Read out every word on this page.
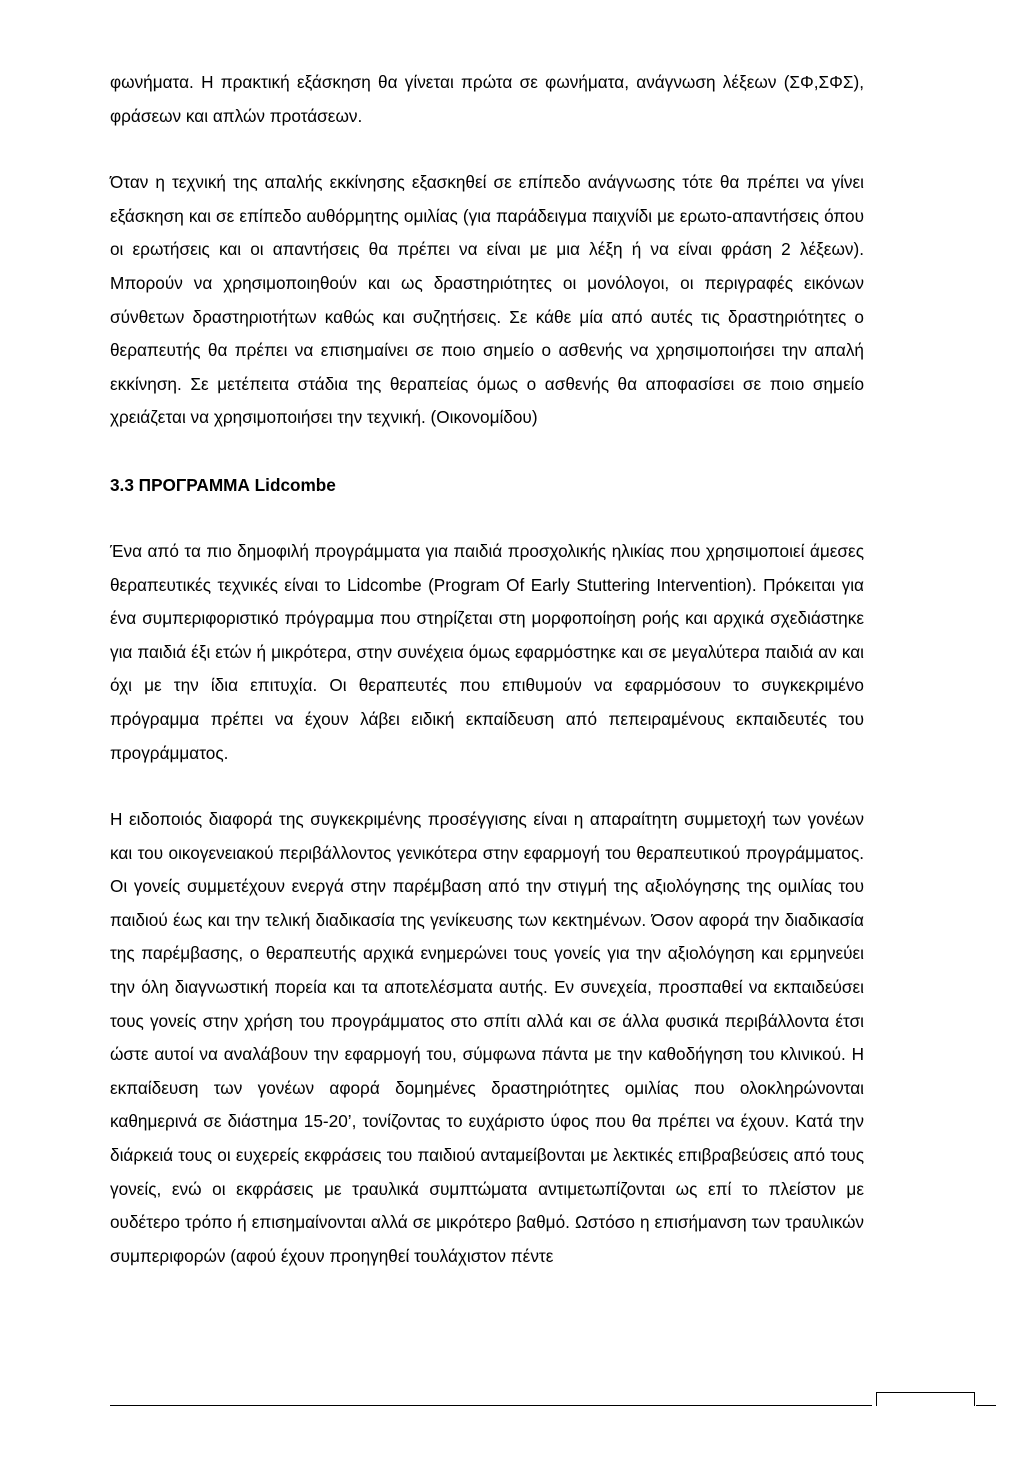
φωνήματα. Η πρακτική εξάσκηση θα γίνεται πρώτα σε φωνήματα, ανάγνωση λέξεων (ΣΦ,ΣΦΣ), φράσεων και απλών προτάσεων.

Όταν η τεχνική της απαλής εκκίνησης εξασκηθεί σε επίπεδο ανάγνωσης τότε θα πρέπει να γίνει εξάσκηση και σε επίπεδο αυθόρμητης ομιλίας (για παράδειγμα παιχνίδι με ερωτο-απαντήσεις όπου οι ερωτήσεις και οι απαντήσεις θα πρέπει να είναι με μια λέξη ή να είναι φράση 2 λέξεων). Μπορούν να χρησιμοποιηθούν και ως δραστηριότητες οι μονόλογοι, οι περιγραφές εικόνων σύνθετων δραστηριοτήτων καθώς και συζητήσεις. Σε κάθε μία από αυτές τις δραστηριότητες ο θεραπευτής θα πρέπει να επισημαίνει σε ποιο σημείο ο ασθενής να χρησιμοποιήσει την απαλή εκκίνηση. Σε μετέπειτα στάδια της θεραπείας όμως ο ασθενής θα αποφασίσει σε ποιο σημείο χρειάζεται να χρησιμοποιήσει την τεχνική. (Οικονομίδου)

3.3 ΠΡΟΓΡΑΜΜΑ Lidcombe

Ένα από τα πιο δημοφιλή προγράμματα για παιδιά προσχολικής ηλικίας που χρησιμοποιεί άμεσες θεραπευτικές τεχνικές είναι το Lidcombe (Program Of Early Stuttering Intervention). Πρόκειται για ένα συμπεριφοριστικό πρόγραμμα που στηρίζεται στη μορφοποίηση ροής και αρχικά σχεδιάστηκε για παιδιά έξι ετών ή μικρότερα, στην συνέχεια όμως εφαρμόστηκε και σε μεγαλύτερα παιδιά αν και όχι με την ίδια επιτυχία. Οι θεραπευτές που επιθυμούν να εφαρμόσουν το συγκεκριμένο πρόγραμμα πρέπει να έχουν λάβει ειδική εκπαίδευση από πεπειραμένους εκπαιδευτές του προγράμματος.

Η ειδοποιός διαφορά της συγκεκριμένης προσέγγισης είναι η απαραίτητη συμμετοχή των γονέων και του οικογενειακού περιβάλλοντος γενικότερα στην εφαρμογή του θεραπευτικού προγράμματος. Οι γονείς συμμετέχουν ενεργά στην παρέμβαση από την στιγμή της αξιολόγησης της ομιλίας του παιδιού έως και την τελική διαδικασία της γενίκευσης των κεκτημένων. Όσον αφορά την διαδικασία της παρέμβασης, ο θεραπευτής αρχικά ενημερώνει τους γονείς για την αξιολόγηση και ερμηνεύει την όλη διαγνωστική πορεία και τα αποτελέσματα αυτής. Εν συνεχεία, προσπαθεί να εκπαιδεύσει τους γονείς στην χρήση του προγράμματος στο σπίτι αλλά και σε άλλα φυσικά περιβάλλοντα έτσι ώστε αυτοί να αναλάβουν την εφαρμογή του, σύμφωνα πάντα με την καθοδήγηση του κλινικού. Η εκπαίδευση των γονέων αφορά δομημένες δραστηριότητες ομιλίας που ολοκληρώνονται καθημερινά σε διάστημα 15-20’, τονίζοντας το ευχάριστο ύφος που θα πρέπει να έχουν. Κατά την διάρκειά τους οι ευχερείς εκφράσεις του παιδιού ανταμείβονται με λεκτικές επιβραβεύσεις από τους γονείς, ενώ οι εκφράσεις με τραυλικά συμπτώματα αντιμετωπίζονται ως επί το πλείστον με ουδέτερο τρόπο ή επισημαίνονται αλλά σε μικρότερο βαθμό. Ωστόσο η επισήμανση των τραυλικών συμπεριφορών (αφού έχουν προηγηθεί τουλάχιστον πέντε
